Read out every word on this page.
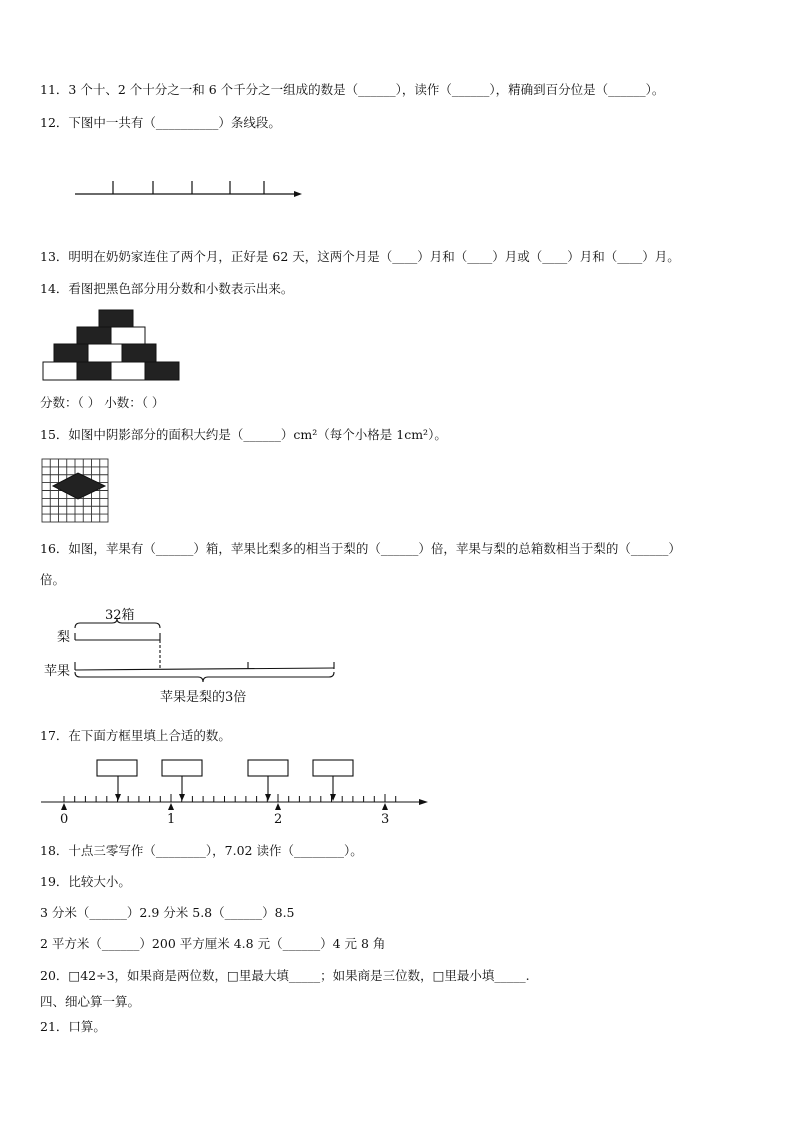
11．3 个十、2 个十分之一和 6 个千分之一组成的数是（______），读作（______），精确到百分位是（______）。
12．下图中一共有（__________）条线段。
13．明明在奶奶家连住了两个月，正好是 62 天，这两个月是（____）月和（____）月或（____）月和（____）月。
14．看图把黑色部分用分数和小数表示出来。
分数：（ ） 小数：（ ）
15．如图中阴影部分的面积大约是（______）cm²（每个小格是 1cm²）。
16．如图，苹果有（______）箱，苹果比梨多的相当于梨的（______）倍，苹果与梨的总箱数相当于梨的（______）
倍。
32箱
梨
苹果
苹果是梨的3倍
17．在下面方框里填上合适的数。
0	1	2	3
18．十点三零写作（________），7.02 读作（________）。
19．比较大小。
3 分米（______）2.9 分米 5.8（______）8.5
2 平方米（______）200 平方厘米 4.8 元（______）4 元 8 角
20．□42÷3，如果商是两位数，□里最大填_____；如果商是三位数，□里最小填_____.
四、细心算一算。
21．口算。
